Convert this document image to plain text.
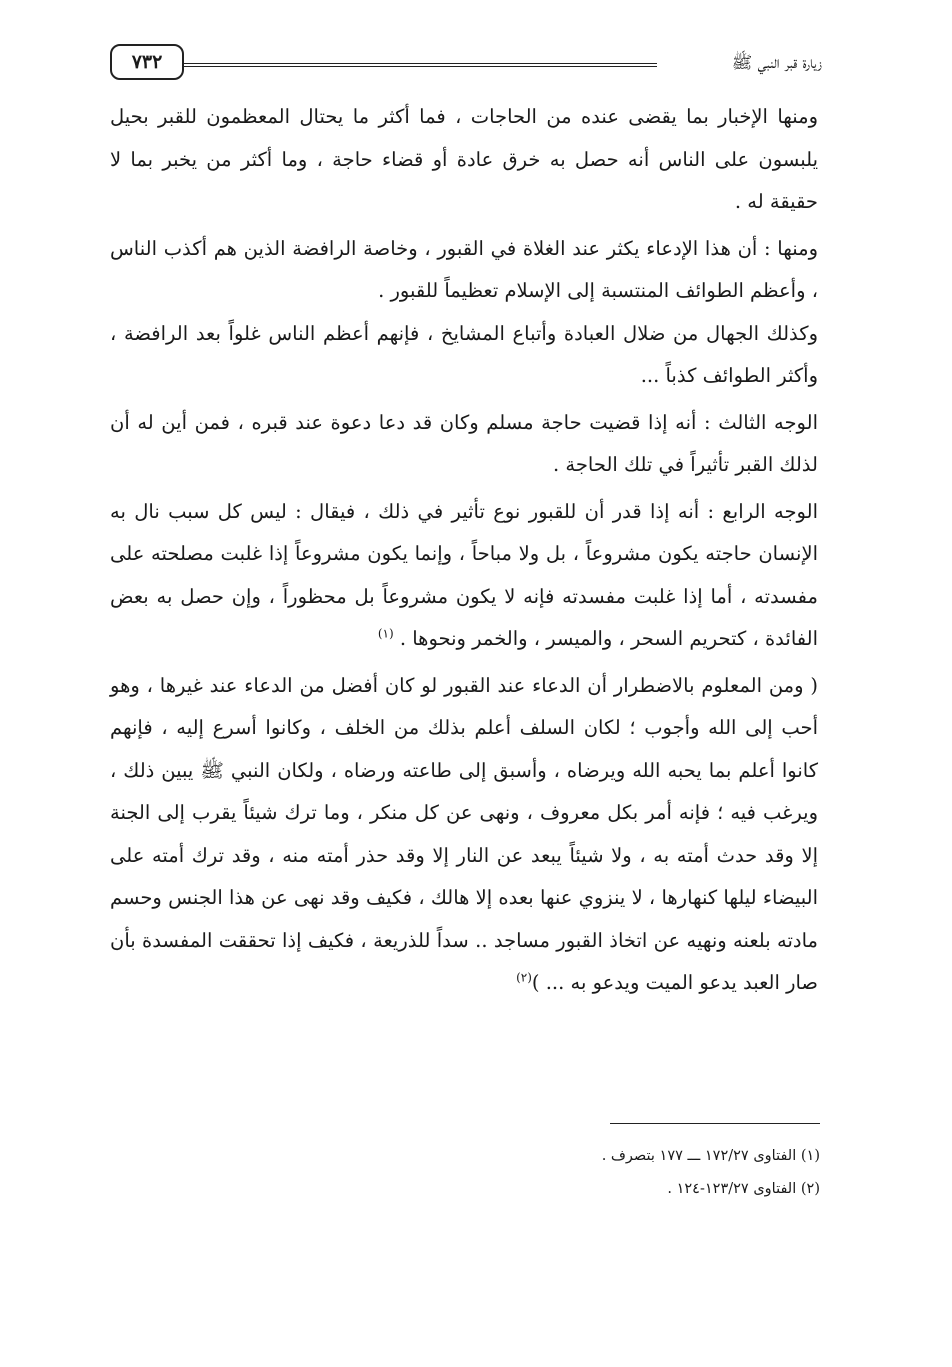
زيارة قبر النبي ﷺ
٧٣٢

ومنها الإخبار بما يقضى عنده من الحاجات ، فما أكثر ما يحتال المعظمون للقبر بحيل يلبسون على الناس أنه حصل به خرق عادة أو قضاء حاجة ، وما أكثر من يخبر بما لا حقيقة له .

ومنها : أن هذا الإدعاء يكثر عند الغلاة في القبور ، وخاصة الرافضة الذين هم أكذب الناس ، وأعظم الطوائف المنتسبة إلى الإسلام تعظيماً للقبور .

وكذلك الجهال من ضلال العبادة وأتباع المشايخ ، فإنهم أعظم الناس غلواً بعد الرافضة ، وأكثر الطوائف كذباً ...

الوجه الثالث : أنه إذا قضيت حاجة مسلم وكان قد دعا دعوة عند قبره ، فمن أين له أن لذلك القبر تأثيراً في تلك الحاجة .

الوجه الرابع : أنه إذا قدر أن للقبور نوع تأثير في ذلك ، فيقال : ليس كل سبب نال به الإنسان حاجته يكون مشروعاً ، بل ولا مباحاً ، وإنما يكون مشروعاً إذا غلبت مصلحته على مفسدته ، أما إذا غلبت مفسدته فإنه لا يكون مشروعاً بل محظوراً ، وإن حصل به بعض الفائدة ، كتحريم السحر ، والميسر ، والخمر ونحوها . $^{(١)}$

( ومن المعلوم بالاضطرار أن الدعاء عند القبور لو كان أفضل من الدعاء عند غيرها ، وهو أحب إلى الله وأجوب ؛ لكان السلف أعلم بذلك من الخلف ، وكانوا أسرع إليه ، فإنهم كانوا أعلم بما يحبه الله ويرضاه ، وأسبق إلى طاعته ورضاه ، ولكان النبي ﷺ يبين ذلك ، ويرغب فيه ؛ فإنه أمر بكل معروف ، ونهى عن كل منكر ، وما ترك شيئاً يقرب إلى الجنة إلا وقد حدث أمته به ، ولا شيئاً يبعد عن النار إلا وقد حذر أمته منه ، وقد ترك أمته على البيضاء ليلها كنهارها ، لا ينزوي عنها بعده إلا هالك ، فكيف وقد نهى عن هذا الجنس وحسم مادته بلعنه ونهيه عن اتخاذ القبور مساجد .. سداً للذريعة ، فكيف إذا تحققت المفسدة بأن صار العبد يدعو الميت ويدعو به ... )$^{(٢)}$

(١) الفتاوى ١٧٢/٢٧ ـــ ١٧٧ بتصرف .

(٢) الفتاوى ١٢٣/٢٧-١٢٤ .
